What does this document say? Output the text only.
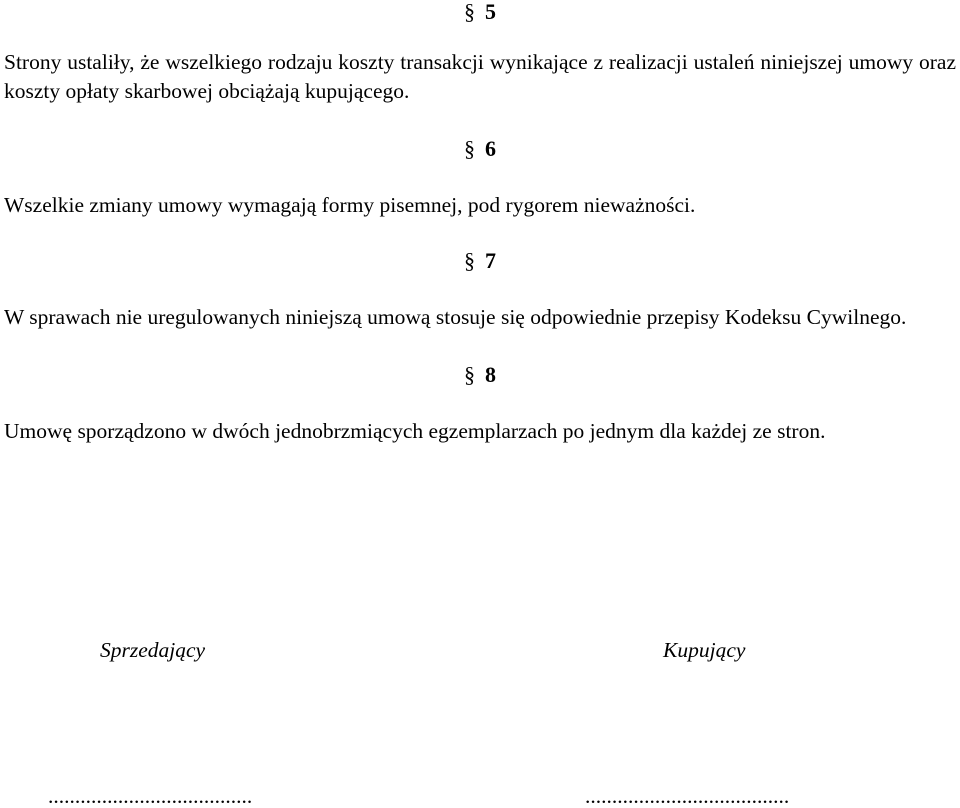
§ 5

Strony ustaliły, że wszelkiego rodzaju koszty transakcji wynikające z realizacji ustaleń niniejszej umowy oraz koszty opłaty skarbowej obciążają kupującego.

§ 6

Wszelkie zmiany umowy wymagają formy pisemnej, pod rygorem nieważności.

§ 7

W sprawach nie uregulowanych niniejszą umową stosuje się odpowiednie przepisy Kodeksu Cywilnego.

§ 8

Umowę sporządzono w dwóch jednobrzmiących egzemplarzach po jednym dla każdej ze stron.

Sprzedający	Kupujący

......................................	......................................
